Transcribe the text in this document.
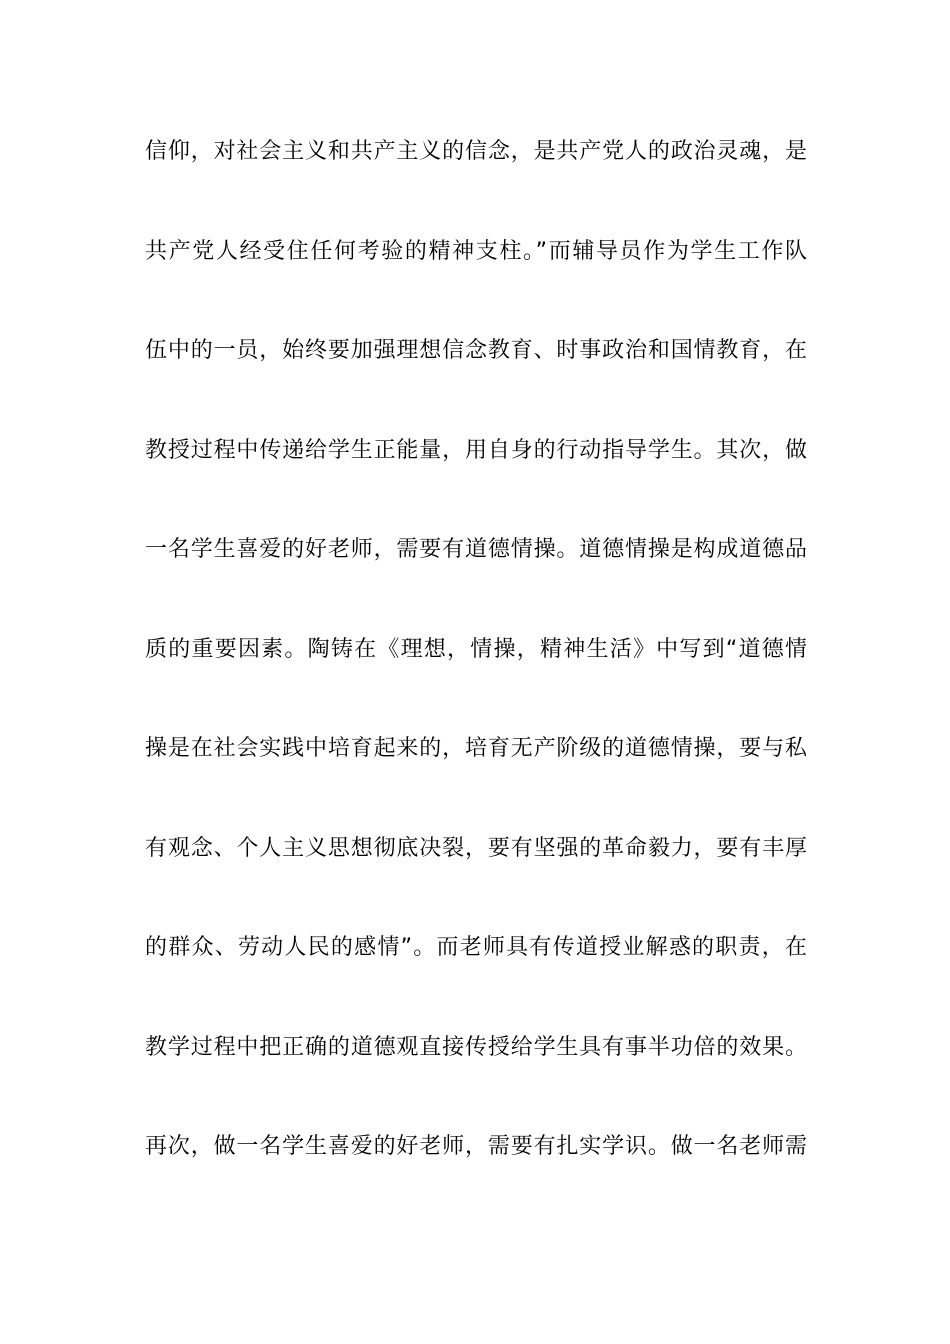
信仰，对社会主义和共产主义的信念，是共产党人的政治灵魂，是
共产党人经受住任何考验的精神支柱。”而辅导员作为学生工作队
伍中的一员，始终要加强理想信念教育、时事政治和国情教育，在
教授过程中传递给学生正能量，用自身的行动指导学生。其次，做
一名学生喜爱的好老师，需要有道德情操。道德情操是构成道德品
质的重要因素。陶铸在《理想，情操，精神生活》中写到“道德情
操是在社会实践中培育起来的，培育无产阶级的道德情操，要与私
有观念、个人主义思想彻底决裂，要有坚强的革命毅力，要有丰厚
的群众、劳动人民的感情”。而老师具有传道授业解惑的职责，在
教学过程中把正确的道德观直接传授给学生具有事半功倍的效果。
再次，做一名学生喜爱的好老师，需要有扎实学识。做一名老师需
